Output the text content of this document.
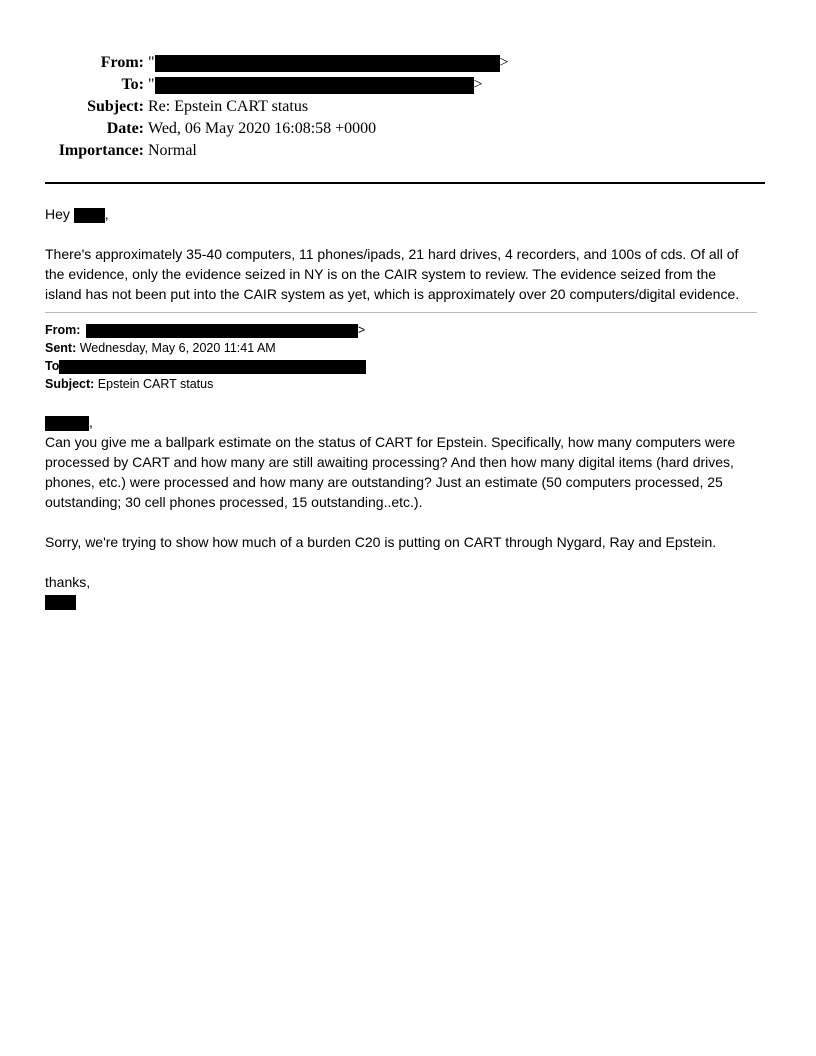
From: "	>
To: "	>
Subject: Re: Epstein CART status
Date: Wed, 06 May 2020 16:08:58 +0000
Importance: Normal
Hey ,
There's approximately 35-40 computers, 11 phones/ipads, 21 hard drives, 4 recorders, and 100s of cds. Of all of
the evidence, only the evidence seized in NY is on the CAIR system to review. The evidence seized from the
island has not been put into the CAIR system as yet, which is approximately over 20 computers/digital evidence.
From:	>
Sent: Wednesday, May 6, 2020 11:41 AM
To
Subject: Epstein CART status
,
Can you give me a ballpark estimate on the status of CART for Epstein. Specifically, how many computers were
processed by CART and how many are still awaiting processing? And then how many digital items (hard drives,
phones, etc.) were processed and how many are outstanding? Just an estimate (50 computers processed, 25
outstanding; 30 cell phones processed, 15 outstanding..etc.).
Sorry, we're trying to show how much of a burden C20 is putting on CART through Nygard, Ray and Epstein.
thanks,
